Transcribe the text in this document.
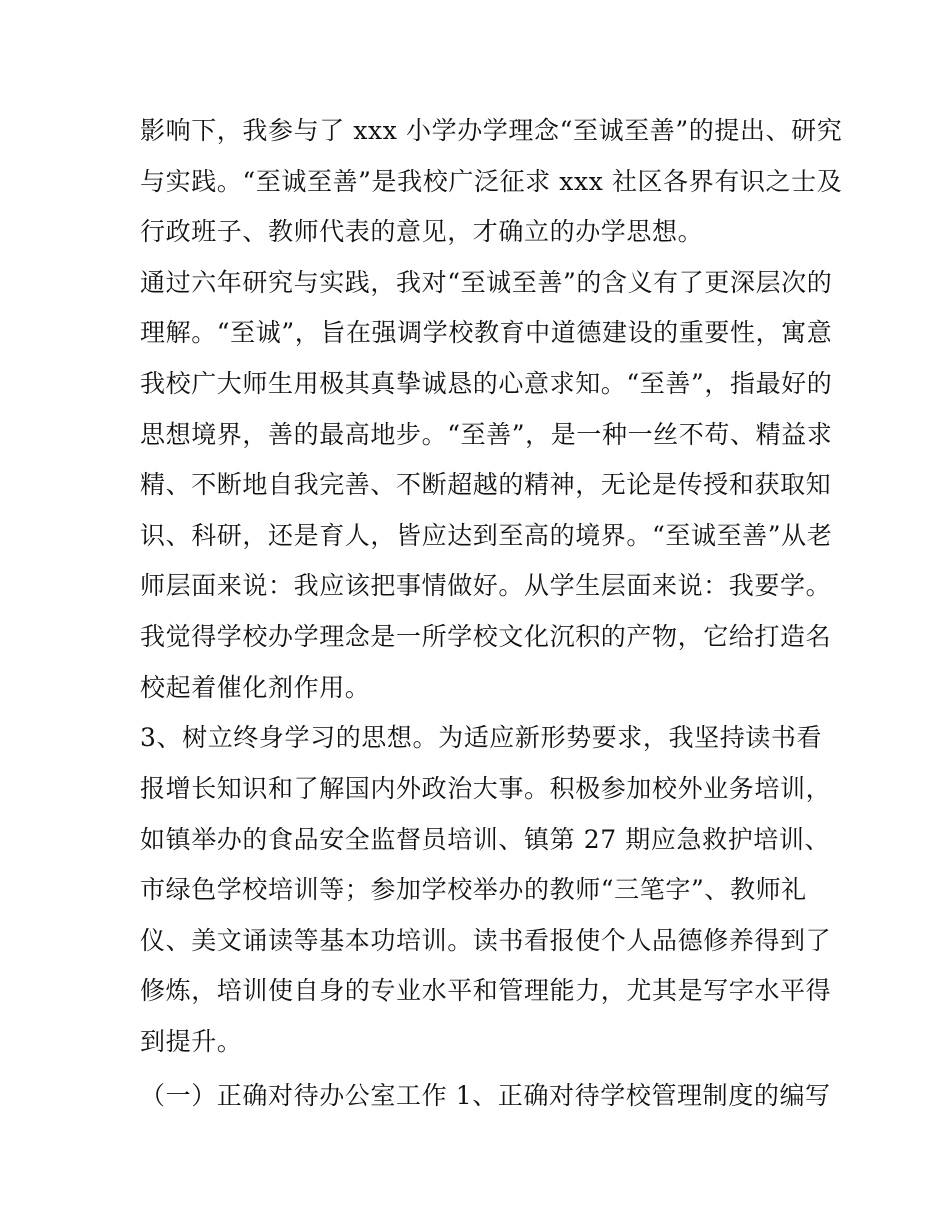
影响下，我参与了 xxx 小学办学理念“至诚至善”的提出、研究
与实践。“至诚至善”是我校广泛征求 xxx 社区各界有识之士及
行政班子、教师代表的意见，才确立的办学思想。
通过六年研究与实践，我对“至诚至善”的含义有了更深层次的
理解。“至诚”，旨在强调学校教育中道德建设的重要性，寓意
我校广大师生用极其真挚诚恳的心意求知。“至善”，指最好的
思想境界，善的最高地步。“至善”，是一种一丝不苟、精益求
精、不断地自我完善、不断超越的精神，无论是传授和获取知
识、科研，还是育人，皆应达到至高的境界。“至诚至善”从老
师层面来说：我应该把事情做好。从学生层面来说：我要学。
我觉得学校办学理念是一所学校文化沉积的产物，它给打造名
校起着催化剂作用。
3、树立终身学习的思想。为适应新形势要求，我坚持读书看
报增长知识和了解国内外政治大事。积极参加校外业务培训，
如镇举办的食品安全监督员培训、镇第 27 期应急救护培训、
市绿色学校培训等；参加学校举办的教师“三笔字”、教师礼
仪、美文诵读等基本功培训。读书看报使个人品德修养得到了
修炼，培训使自身的专业水平和管理能力，尤其是写字水平得
到提升。
（一）正确对待办公室工作 1、正确对待学校管理制度的编写
